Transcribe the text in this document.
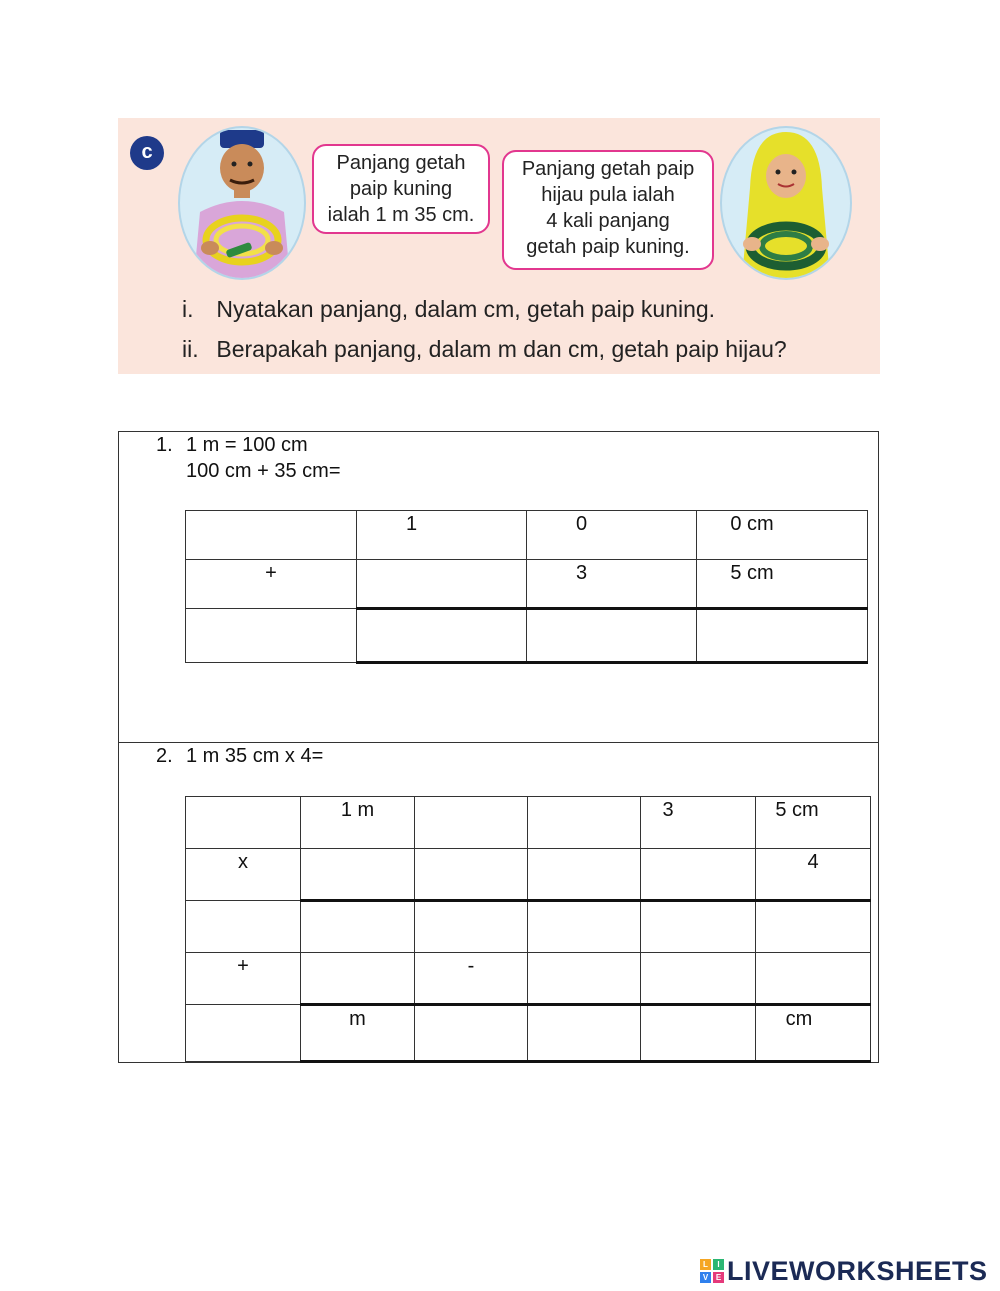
c	Panjang getah
paip kuning
ialah 1 m 35 cm.
Panjang getah paip
hijau pula ialah
4 kali panjang
getah paip kuning.
i. Nyatakan panjang, dalam cm, getah paip kuning.
ii. Berapakah panjang, dalam m dan cm, getah paip hijau?
1. 1 m = 100 cm
100 cm + 35 cm=
	1	0	0 cm
+		3	5 cm

2. 1 m 35 cm x 4=
	1 m			3	5 cm
x					4

+		-			
	m				cm
L	I
V E LIVEWORKSHEETS
